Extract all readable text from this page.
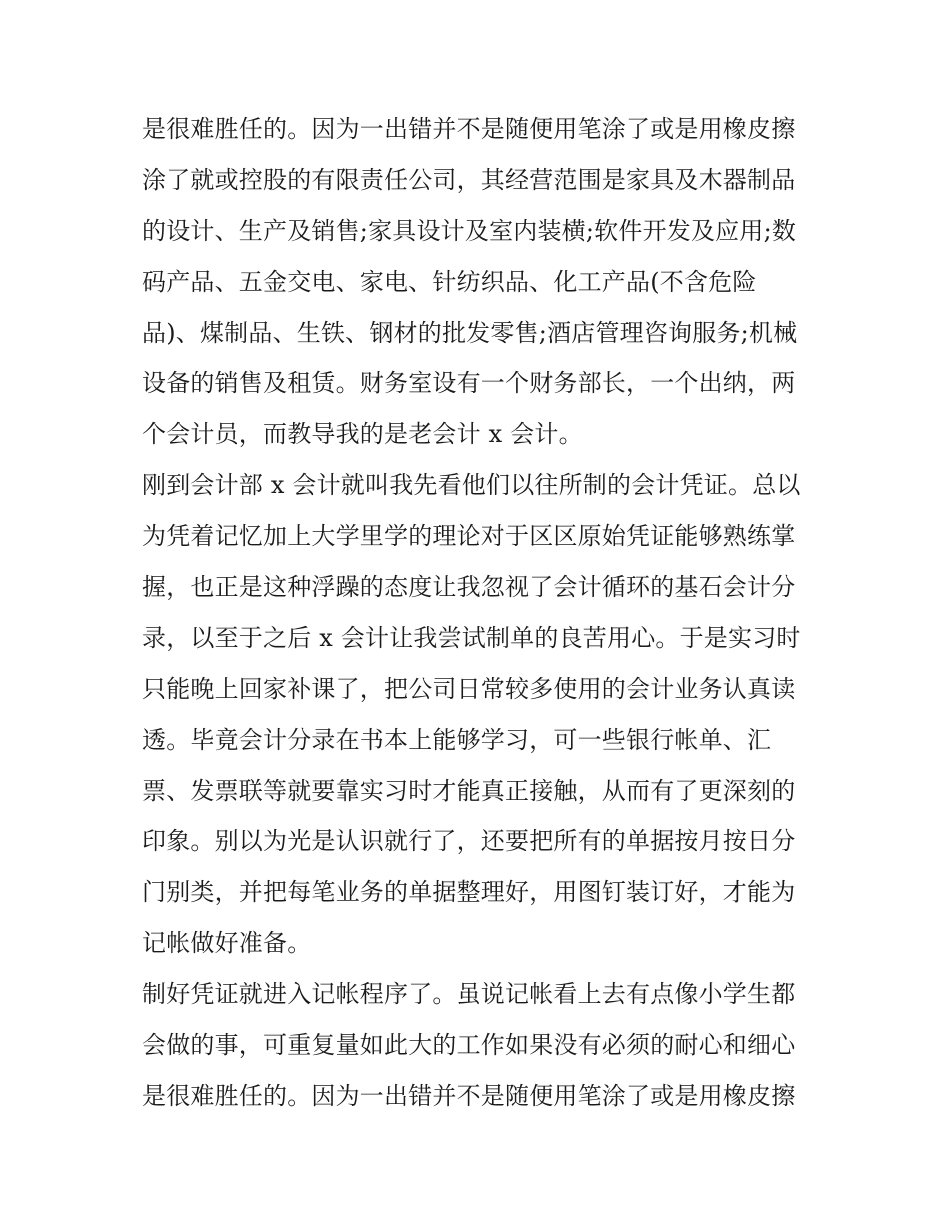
是很难胜任的。因为一出错并不是随便用笔涂了或是用橡皮擦
涂了就或控股的有限责任公司，其经营范围是家具及木器制品
的设计、生产及销售;家具设计及室内装横;软件开发及应用;数
码产品、五金交电、家电、针纺织品、化工产品(不含危险
品)、煤制品、生铁、钢材的批发零售;酒店管理咨询服务;机械
设备的销售及租赁。财务室设有一个财务部长，一个出纳，两
个会计员，而教导我的是老会计 x 会计。
刚到会计部 x 会计就叫我先看他们以往所制的会计凭证。总以
为凭着记忆加上大学里学的理论对于区区原始凭证能够熟练掌
握，也正是这种浮躁的态度让我忽视了会计循环的基石会计分
录，以至于之后 x 会计让我尝试制单的良苦用心。于是实习时
只能晚上回家补课了，把公司日常较多使用的会计业务认真读
透。毕竟会计分录在书本上能够学习，可一些银行帐单、汇
票、发票联等就要靠实习时才能真正接触，从而有了更深刻的
印象。别以为光是认识就行了，还要把所有的单据按月按日分
门别类，并把每笔业务的单据整理好，用图钉装订好，才能为
记帐做好准备。
制好凭证就进入记帐程序了。虽说记帐看上去有点像小学生都
会做的事，可重复量如此大的工作如果没有必须的耐心和细心
是很难胜任的。因为一出错并不是随便用笔涂了或是用橡皮擦
